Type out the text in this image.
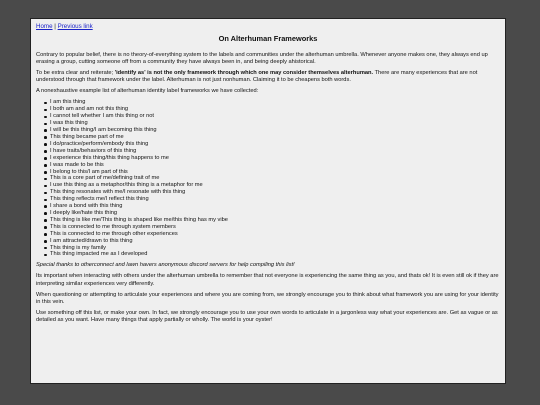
Home | Previous link
On Alterhuman Frameworks

Contrary to popular belief, there is no theory-of-everything system to the labels and communities under the alterhuman umbrella. Whenever anyone makes one, they always end up erasing a group, cutting someone off from a community they have always been in, and being deeply ahistorical.

To be extra clear and reiterate; 'identify as' is not the only framework through which one may consider themselves alterhuman. There are many experiences that are not understood through that framework under the label. Alterhuman is not just nonhuman. Claiming it to be cheapens both words.

A nonexhaustive example list of alterhuman identity label frameworks we have collected:

I am this thing
I both am and am not this thing
I cannot tell whether I am this thing or not
I was this thing
I will be this thing/I am becoming this thing
This thing became part of me
I do/practice/perform/embody this thing
I have traits/behaviors of this thing
I experience this thing/this thing happens to me
I was made to be this
I belong to this/I am part of this
This is a core part of me/defining trait of me
I use this thing as a metaphor/this thing is a metaphor for me
This thing resonates with me/I resonate with this thing
This thing reflects me/I reflect this thing
I share a bond with this thing
I deeply like/hate this thing
This thing is like me/This thing is shaped like me/this thing has my vibe
This is connected to me through system members
This is connected to me through other experiences
I am attracted/drawn to this thing
This thing is my family
This thing impacted me as I developed

Special thanks to otherconnect and lawn havers anonymous discord servers for help compiling this list!

Its important when interacting with others under the alterhuman umbrella to remember that not everyone is experiencing the same thing as you, and thats ok! It is even still ok if they are interpreting similar experiences very differently.

When questioning or attempting to articulate your experiences and where you are coming from, we strongly encourage you to think about what framework you are using for your identity in this vein.

Use something off this list, or make your own. In fact, we strongly encourage you to use your own words to articulate in a jargonless way what your experiences are. Get as vague or as detailed as you want. Have many things that apply partially or wholly. The world is your oyster!
